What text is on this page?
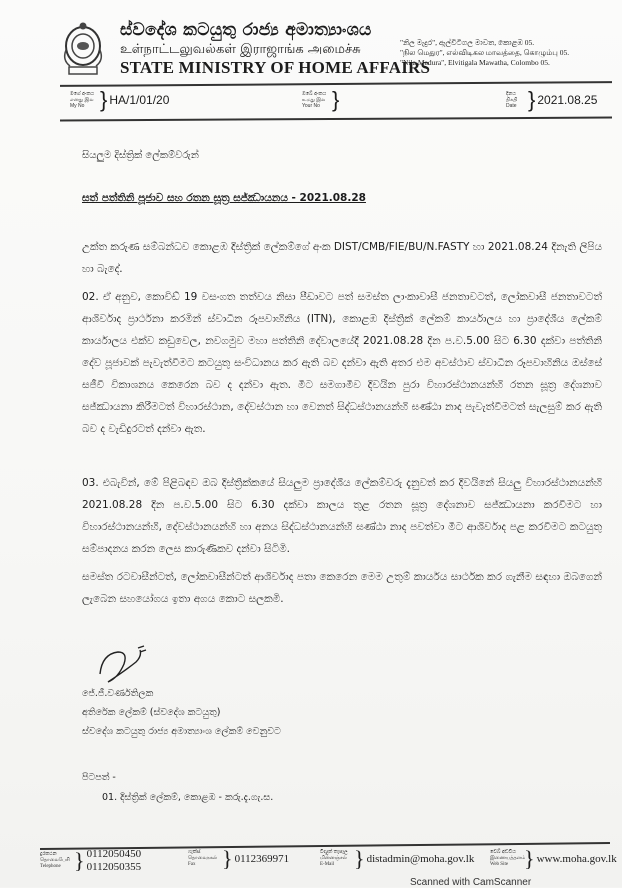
ස්වදේශ කටයුතු රාජ්‍ය අමාත්‍යාංශය
உள்நாட்டலுவல்கள் இராஜாங்க அமைச்சு
STATE MINISTRY OF HOME AFFAIRS
"නිල මැදුර", ඇල්විටිගල මාවත, කොළඹ 05.
"நில மெதுர", எல்விடிகல மாவத்தை, கொழும்பு 05.
"Nila Medura", Elvitigala Mawatha, Colombo 05.
මගේ අංකය
எனது இல
My No } HA/1/01/20	ඔබේ අංකය
உமது இல
Your No }	දිනය
திகதி
Date } 2021.08.25
සියලුම දිස්ත්‍රික් ලේකම්වරුන්
සත් පත්තිනි පූජාව සහ රතන සූත්‍ර සජ්ඣායනය - 2021.08.28
උක්ත කරුණ සම්බන්ධව කොළඹ දිස්ත්‍රික් ලේකම්ගේ අංක DIST/CMB/FIE/BU/N.FASTY හා 2021.08.24 දිනැති ලිපිය හා බැදේ.
02. ඒ අනුව, කොවිඩ් 19 වසංගත තත්වය නිසා පීඩාවට පත් සමස්ත ලාංකාවාසී ජනතාවටත්, ලෝකවාසී ජනතාවටත් ආශිර්වාද ප්‍රාර්ථනා කරමින් ස්වාධීන රූපවාහිනිය (ITN), කොළඹ දිස්ත්‍රික් ලේකම් කාර්යාලය හා ප්‍රාදේශීය ලේකම් කාර්යාලය එක්ව කඩුවෙල, නවගමුව මහා පත්තිනි දේවාලයේදී 2021.08.28 දින ප.ව.5.00 සිට 6.30 දක්වා පත්තිනි දේව පූජාවක් පැවැත්වීමට කටයුතු සංවිධානය කර ඇති බව දන්වා ඇති අතර එම අවස්ථාව ස්වාධීන රූපවාහිනිය ඔස්සේ සජීවී විකාශනය කෙරෙන බව ද දන්වා ඇත. මීට සමගාමීව දිවයින පුරා විහාරස්ථානයන්හි රතන සූත්‍ර දේශනාව සජ්ඣායනා කිරීමටත් විහාරස්ථාන, දේවස්ථාන හා වෙනත් සිද්ධස්ථානයන්හි ඝණ්ඨා නාද පැවැත්වීමටත් සැලසුම් කර ඇති බව ද වැඩිදුරටත් දන්වා ඇත.
03. එබැවින්, මේ පිළිබඳව ඔබ දිස්ත්‍රික්කයේ සියලුම ප්‍රාදේශීය ලේකම්වරු දැනුවත් කර දිවයිනේ සියලු විහාරස්ථානයන්හි 2021.08.28 දින ප.ව.5.00 සිට 6.30 දක්වා කාලය තුළ රතන සූත්‍ර දේශනාව සජ්ඣායනා කරවීමට හා විහාරස්ථානයන්හි, දේවස්ථානයන්හි හා අනය සිද්ධස්ථානයන්හි ඝණ්ඨා නාද පවත්වා මීට ආශිර්වාද පළ කරවීමට කටයුතු සම්පාදනය කරන ලෙස කාරුණිකව දන්වා සිටිමි.
සමස්ත රටවාසීන්ටත්, ලෝකවාසීන්ටත් ආශිර්වාද පතා කෙරෙන මෙම උතුම් කාර්යය සාර්ථක කර ගැනීම සඳහා ඔබගෙන් ලැබෙන සහයෝගය ඉතා අගය කොට සලකමි.
ජේ.ජී.වර්ණතිලක
අතිරේක ලේකම් (ස්වදේශ කටයුතු)
ස්වදේශ කටයුතු රාජ්‍ය අමාත්‍යාංශ ලේකම් වෙනුවට
පිටපත් -
01. දිස්ත්‍රික් ලේකම්, කොළඹ - කරු.දැ.ගැ.ස.
දුරකථන
தொலைபேசி
Telephone } 0112050450
0112050355
ෆැක්ස්
தொலைநகல்
Fax	} 0112369971	විද්‍යුත් තැපෑල
மின்னஞ்சல்
E-Mail } distadmin@moha.gov.lk	වෙබ් අඩවිය
இணையத்தளம்
Web Site } www.moha.gov.lk
Scanned with CamScanner
